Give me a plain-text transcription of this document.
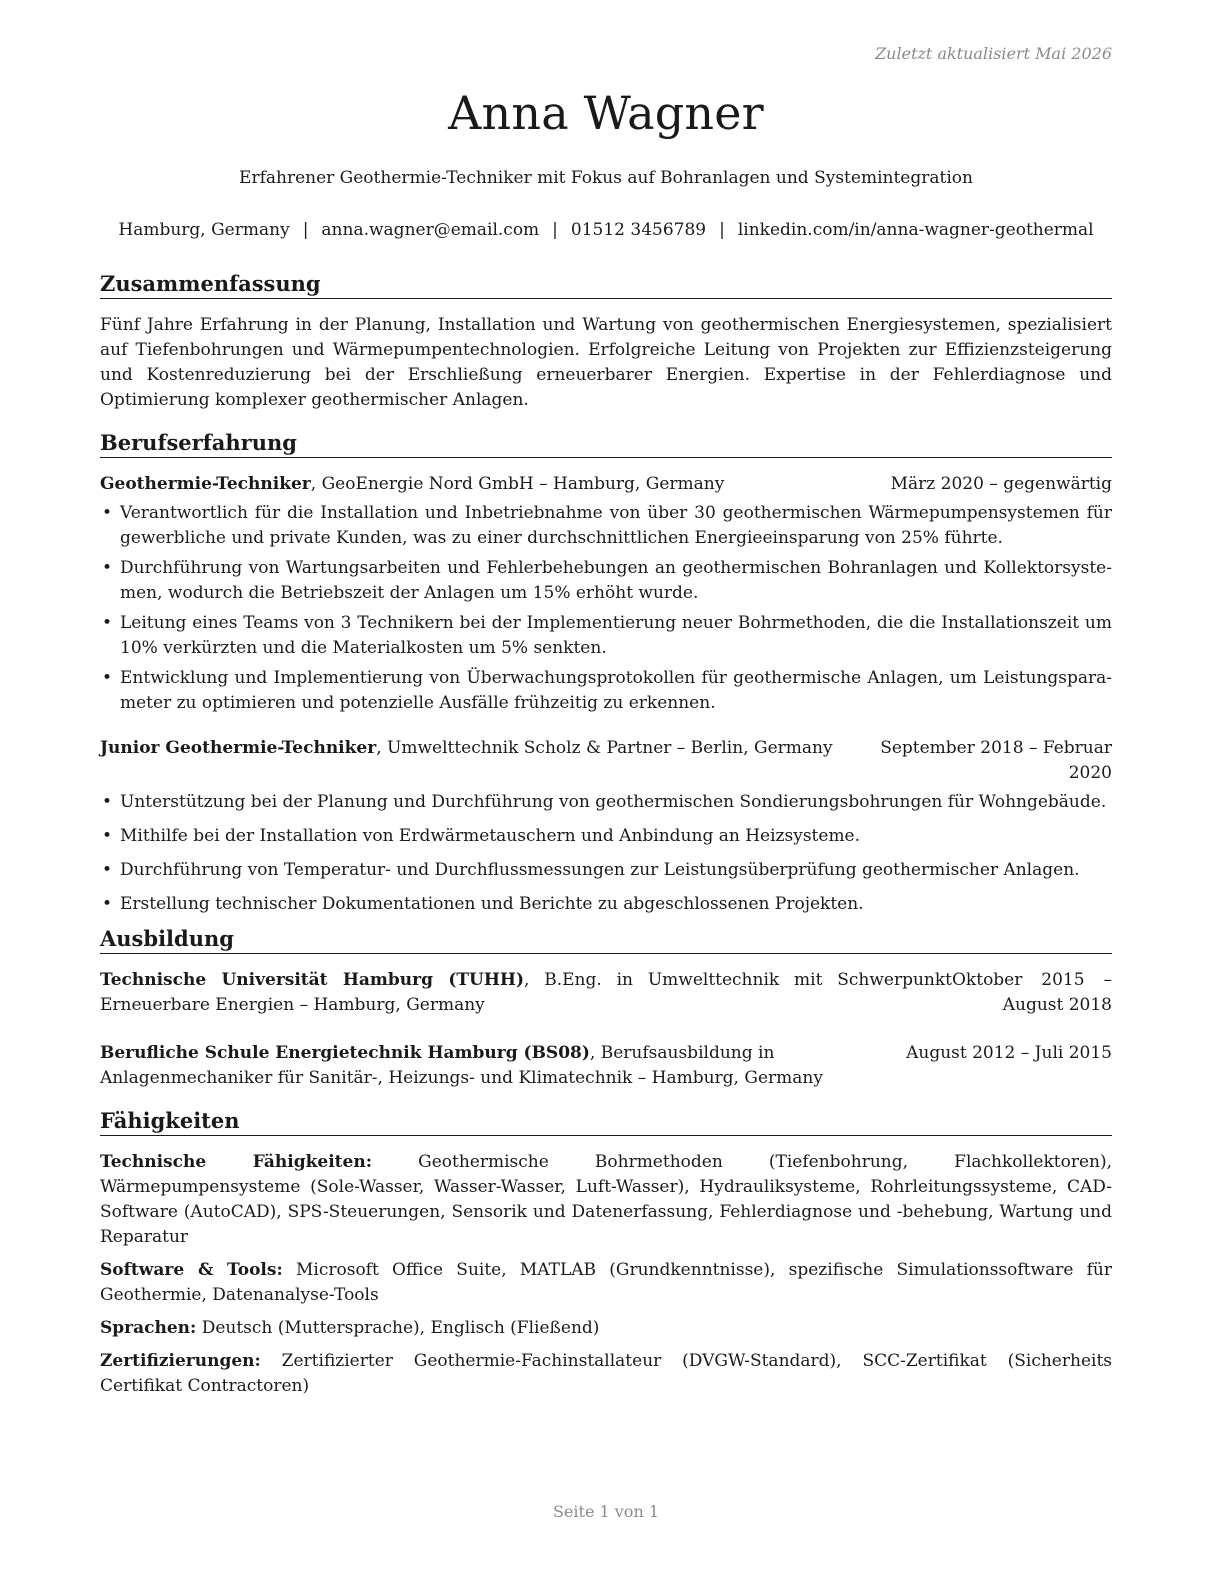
Zuletzt aktualisiert Mai 2026

Anna Wagner

Erfahrener Geothermie-Techniker mit Fokus auf Bohranlagen und Systemintegration

Hamburg, Germany | anna.wagner@email.com | 01512 3456789 | linkedin.com/in/anna-wagner-geothermal

Zusammenfassung

Fünf Jahre Erfahrung in der Planung, Installation und Wartung von geothermischen Energiesystemen, spezialisiert auf Tiefenbohrungen und Wärmepumpentechnologien. Erfolgreiche Leitung von Projekten zur Effizienzsteigerung und Kostenreduzierung bei der Erschließung erneuerbarer Energien. Expertise in der Fehlerdiagnose und Optimierung komplexer geothermischer Anlagen.

Berufserfahrung
Geothermie-Techniker, GeoEnergie Nord GmbH – Hamburg, Germany	März 2020 – gegenwärtig
• Verantwortlich für die Installation und Inbetriebnahme von über 30 geothermischen Wärmepumpensystemen für gewerbliche und private Kunden, was zu einer durchschnittlichen Energieeinsparung von 25% führte.
• Durchführung von Wartungsarbeiten und Fehlerbehebungen an geothermischen Bohranlagen und Kollektorsystemen, wodurch die Betriebszeit der Anlagen um 15% erhöht wurde.
• Leitung eines Teams von 3 Technikern bei der Implementierung neuer Bohrmethoden, die die Installationszeit um 10% verkürzten und die Materialkosten um 5% senkten.
• Entwicklung und Implementierung von Überwachungsprotokollen für geothermische Anlagen, um Leistungsparameter zu optimieren und potenzielle Ausfälle frühzeitig zu erkennen.
Junior Geothermie-Techniker, Umwelttechnik Scholz & Partner – Berlin, Germany	September 2018 – Februar 2020
• Unterstützung bei der Planung und Durchführung von geothermischen Sondierungsbohrungen für Wohngebäude.
• Mithilfe bei der Installation von Erdwärmetauschern und Anbindung an Heizsysteme.
• Durchführung von Temperatur- und Durchflussmessungen zur Leistungsüberprüfung geothermischer Anlagen.
• Erstellung technischer Dokumentationen und Berichte zu abgeschlossenen Projekten.
Ausbildung
Technische Universität Hamburg (TUHH), B.Eng. in Umwelttechnik mit Schwerpunkt Erneuerbare Energien – Hamburg, Germany
Oktober 2015 – August 2018
Berufliche Schule Energietechnik Hamburg (BS08), Berufsausbildung in Anlagenmechaniker für Sanitär-, Heizungs- und Klimatechnik – Hamburg, Germany
August 2012 – Juli 2015
Fähigkeiten

Technische Fähigkeiten: Geothermische Bohrmethoden (Tiefenbohrung, Flachkollektoren), Wärmepumpensysteme (Sole-Wasser, Wasser-Wasser, Luft-Wasser), Hydrauliksysteme, Rohrleitungssysteme, CAD-Software (AutoCAD), SPS-Steuerungen, Sensorik und Datenerfassung, Fehlerdiagnose und -behebung, Wartung und Reparatur

Software & Tools: Microsoft Office Suite, MATLAB (Grundkenntnisse), spezifische Simulationssoftware für Geothermie, Datenanalyse-Tools

Sprachen: Deutsch (Muttersprache), Englisch (Fließend)

Zertifizierungen: Zertifizierter Geothermie-Fachinstallateur (DVGW-Standard), SCC-Zertifikat (Sicherheits Certifikat Contractoren)

Seite 1 von 1
